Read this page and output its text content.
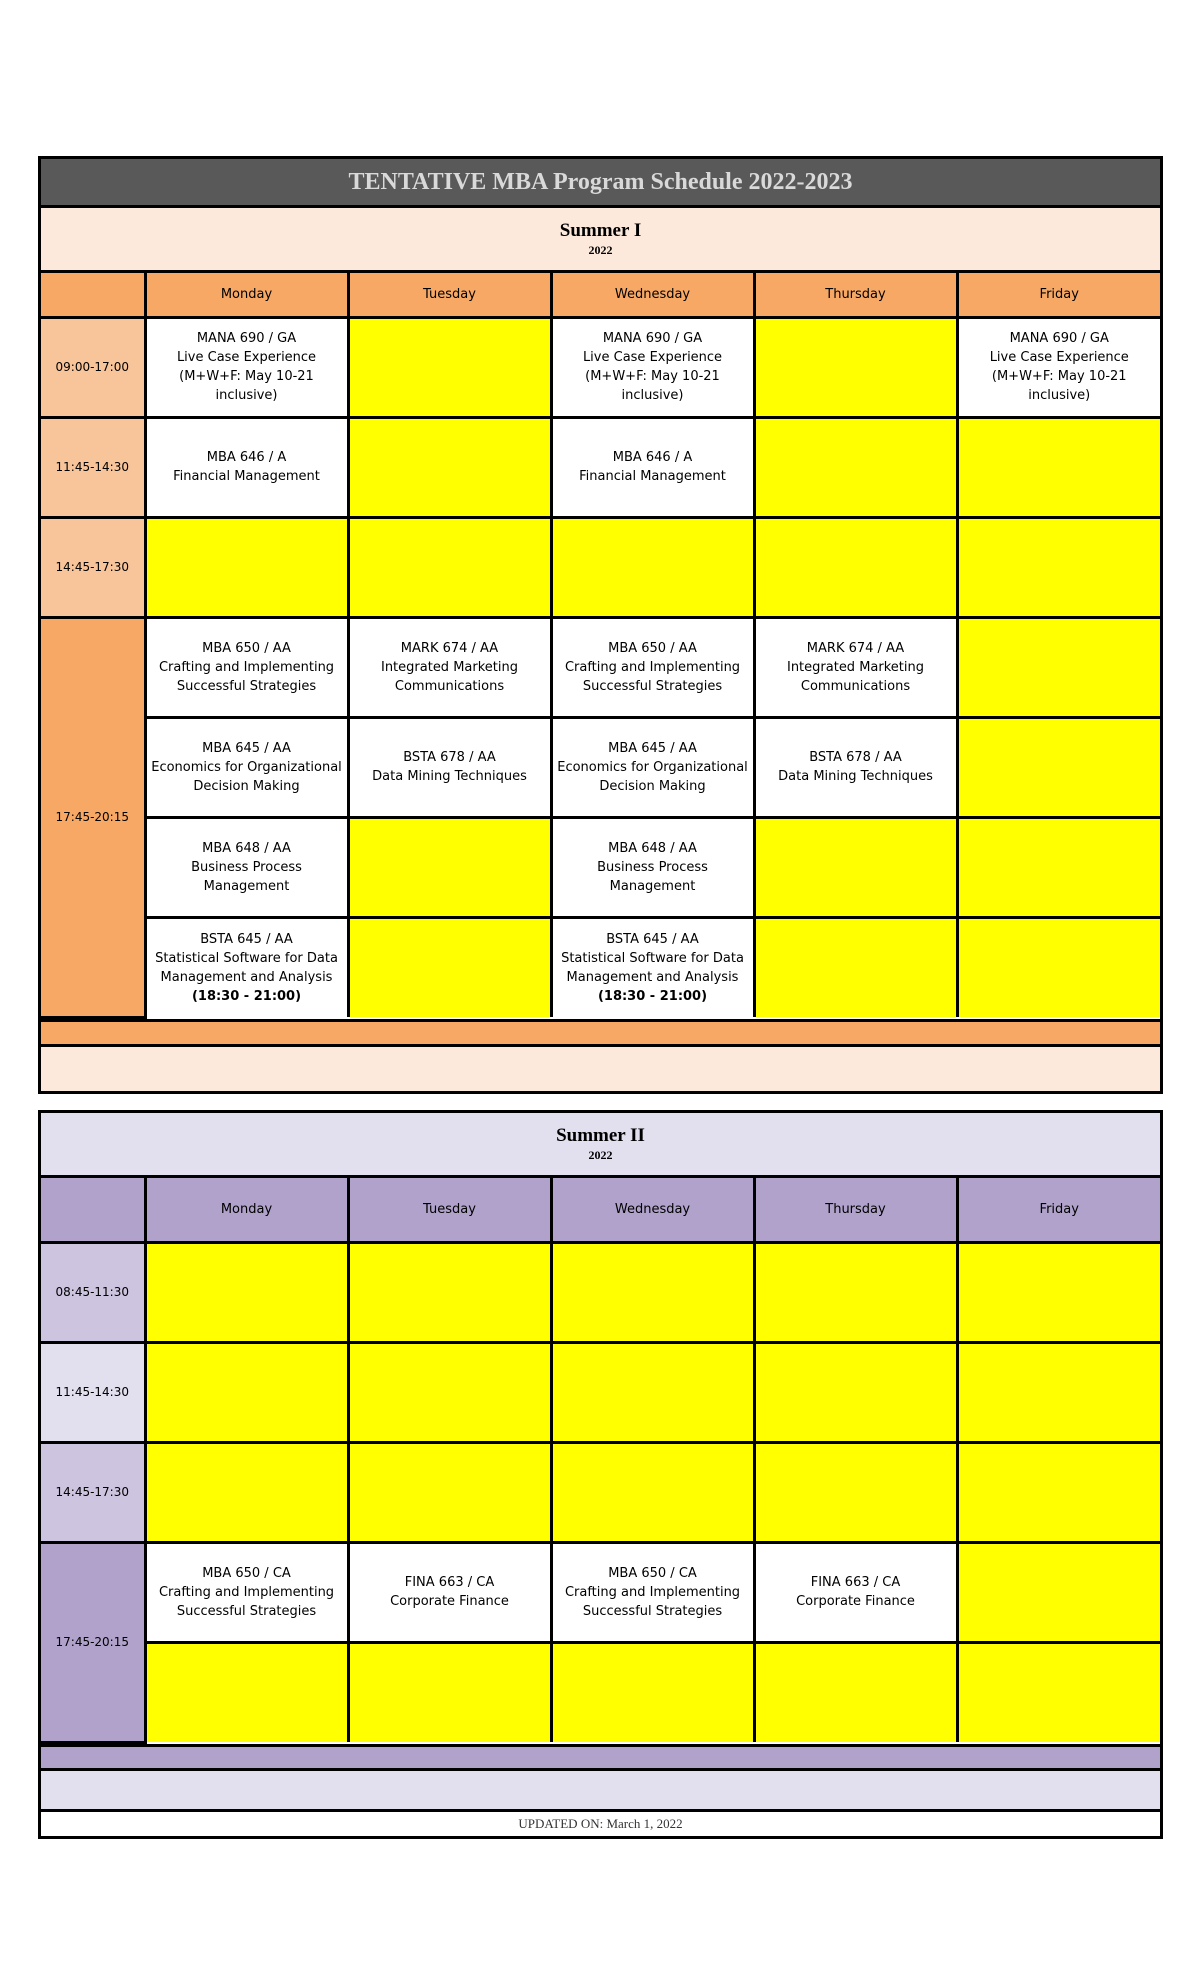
TENTATIVE MBA Program Schedule 2022-2023
Summer I
2022
	Monday	Tuesday	Wednesday	Thursday	Friday
09:00-17:00	MANA 690 / GA
Live Case Experience
(M+W+F: May 10-21 inclusive)		MANA 690 / GA
Live Case Experience
(M+W+F: May 10-21 inclusive)		MANA 690 / GA
Live Case Experience
(M+W+F: May 10-21 inclusive)

11:45-14:30	MBA 646 / A
Financial Management		MBA 646 / A
Financial Management		

14:45-17:30					
17:45-20:15	MBA 650 / AA
Crafting and Implementing
Successful Strategies	MARK 674 / AA
Integrated Marketing
Communications	MBA 650 / AA
Crafting and Implementing
Successful Strategies	MARK 674 / AA
Integrated Marketing
Communications	

	MBA 645 / AA
Economics for Organizational
Decision Making	BSTA 678 / AA
Data Mining Techniques	MBA 645 / AA
Economics for Organizational
Decision Making	BSTA 678 / AA
Data Mining Techniques	

	MBA 648 / AA
Business Process Management		MBA 648 / AA
Business Process Management		

	BSTA 645 / AA
Statistical Software for Data
Management and Analysis
(18:30 - 21:00)		BSTA 645 / AA
Statistical Software for Data
Management and Analysis
(18:30 - 21:00)		

Summer II
2022
	Monday	Tuesday	Wednesday	Thursday	Friday
08:45-11:30					
11:45-14:30					
14:45-17:30					
17:45-20:15	MBA 650 / CA
Crafting and Implementing
Successful Strategies	FINA 663 / CA
Corporate Finance	MBA 650 / CA
Crafting and Implementing
Successful Strategies	FINA 663 / CA
Corporate Finance	

UPDATED ON: March 1, 2022
